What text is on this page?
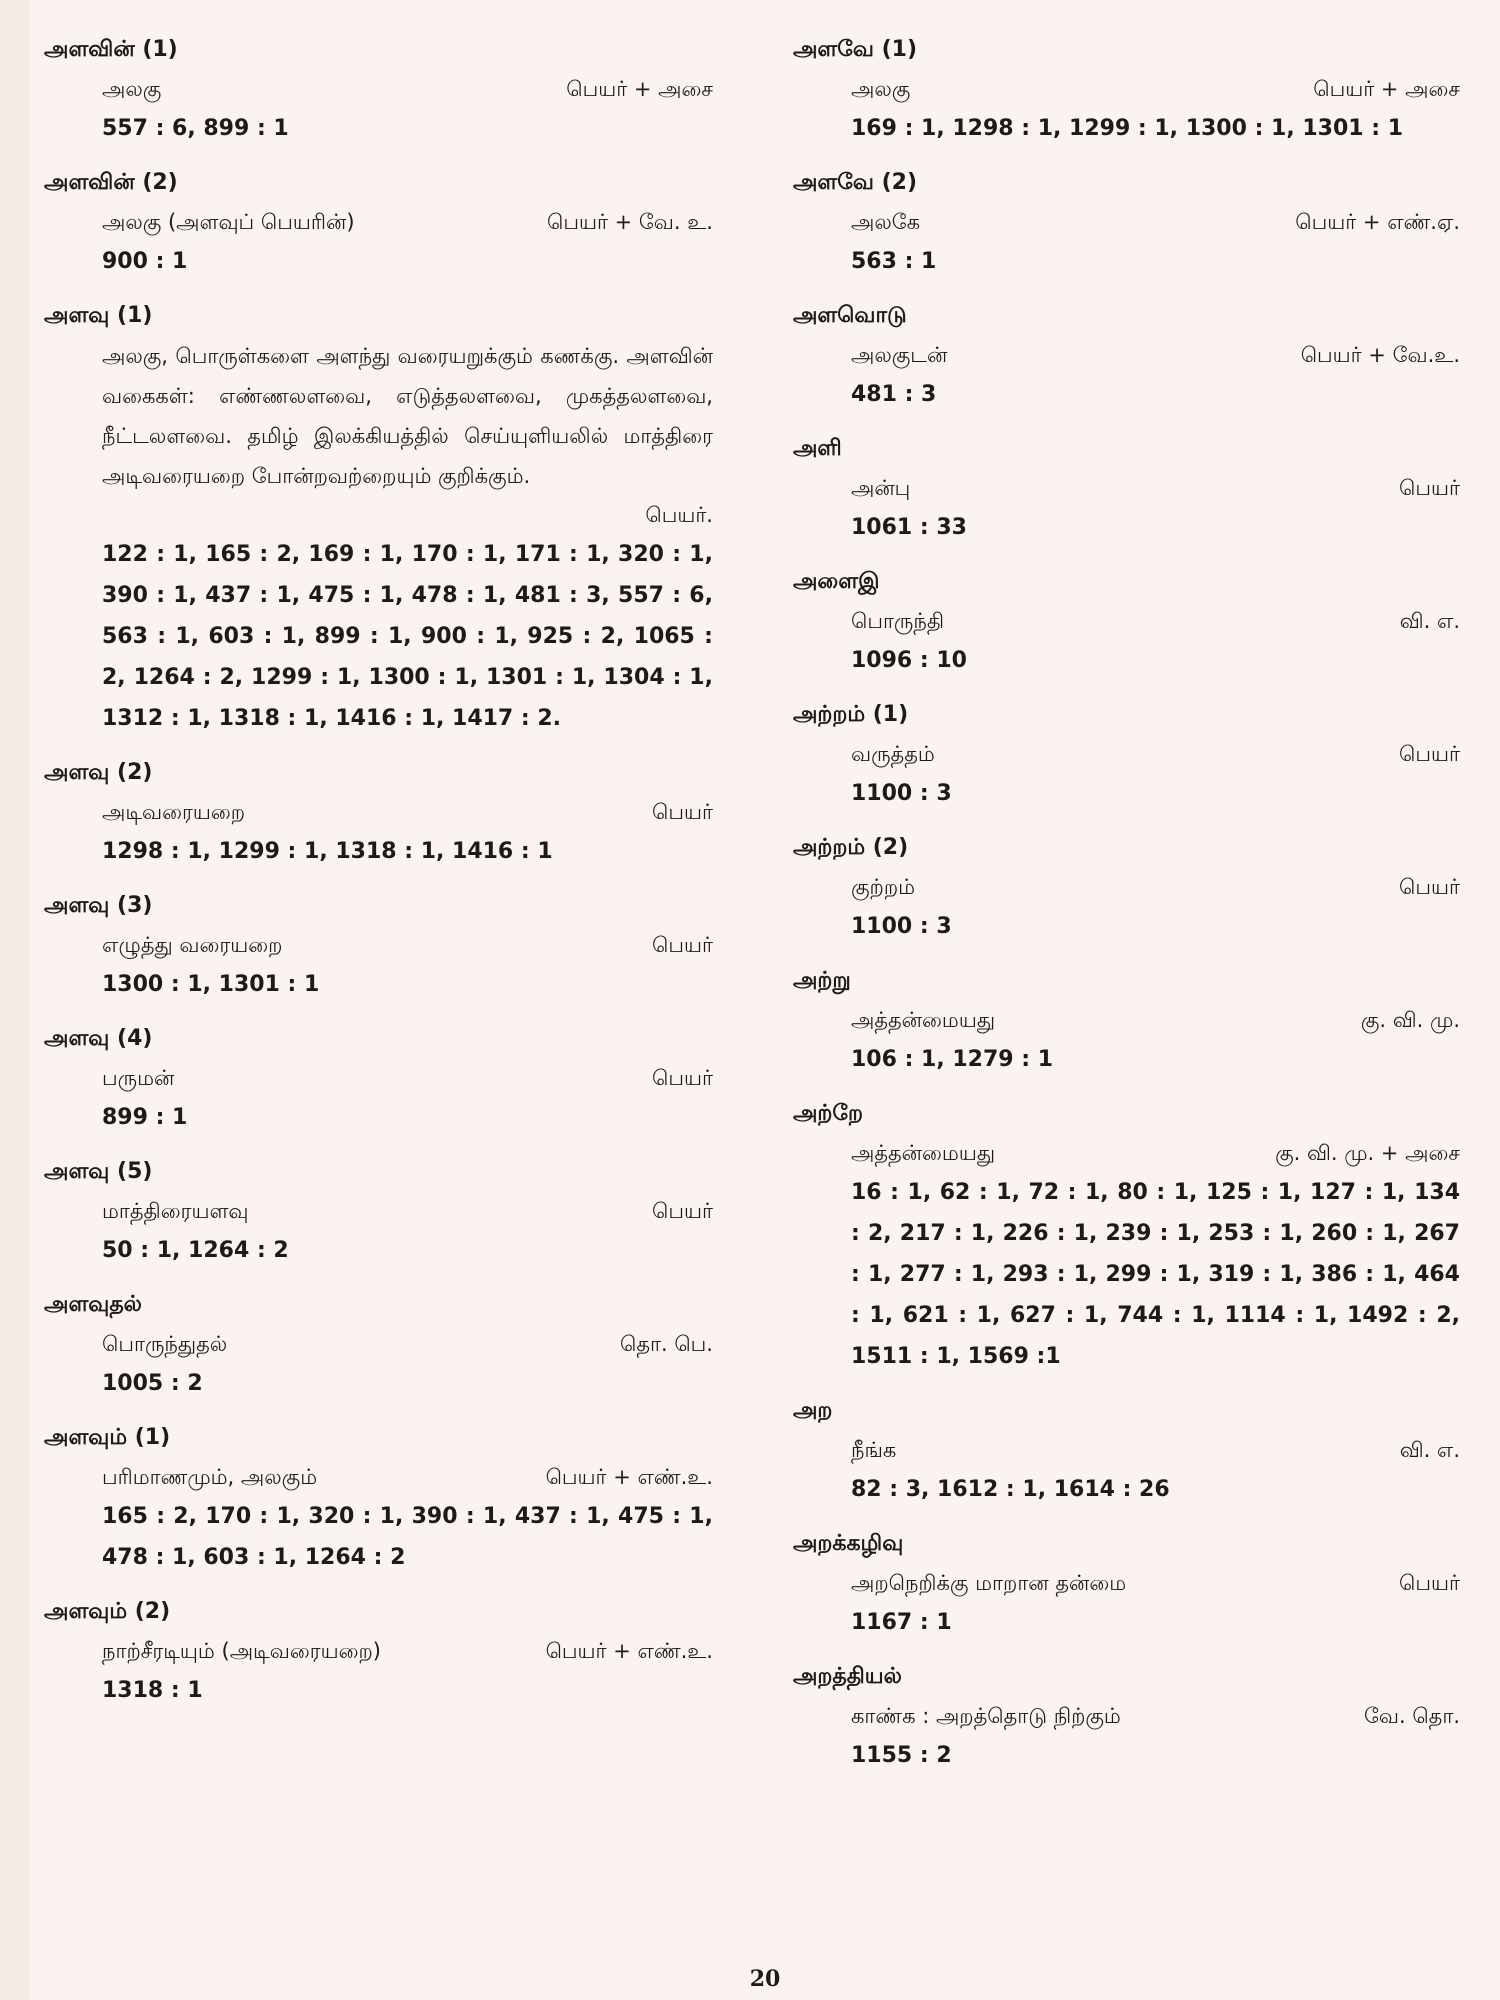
அளவின் (1)
அலகு	பெயர் + அசை
557 : 6, 899 : 1
அளவின் (2)
அலகு (அளவுப் பெயரின்)	பெயர் + வே. உ.
900 : 1
அளவு (1)
அலகு, பொருள்களை அளந்து வரையறுக்கும் கணக்கு. அளவின் வகைகள்: எண்ணலளவை, எடுத்தலளவை, முகத்தலளவை, நீட்டலளவை. தமிழ் இலக்கியத்தில் செய்யுளியலில் மாத்திரை அடிவரையறை போன்றவற்றையும் குறிக்கும்.
பெயர்.
122 : 1, 165 : 2, 169 : 1, 170 : 1, 171 : 1, 320 : 1, 390 : 1, 437 : 1, 475 : 1, 478 : 1, 481 : 3, 557 : 6, 563 : 1, 603 : 1, 899 : 1, 900 : 1, 925 : 2, 1065 : 2, 1264 : 2, 1299 : 1, 1300 : 1, 1301 : 1, 1304 : 1, 1312 : 1, 1318 : 1, 1416 : 1, 1417 : 2.
அளவு (2)
அடிவரையறை	பெயர்
1298 : 1, 1299 : 1, 1318 : 1, 1416 : 1
அளவு (3)
எழுத்து வரையறை	பெயர்
1300 : 1, 1301 : 1
அளவு (4)
பருமன்	பெயர்
899 : 1
அளவு (5)
மாத்திரையளவு	பெயர்
50 : 1, 1264 : 2
அளவுதல்
பொருந்துதல்	தொ. பெ.
1005 : 2
அளவும் (1)
பரிமாணமும், அலகும்	பெயர் + எண்.உ.
165 : 2, 170 : 1, 320 : 1, 390 : 1, 437 : 1, 475 : 1, 478 : 1, 603 : 1, 1264 : 2
அளவும் (2)
நாற்சீரடியும் (அடிவரையறை)	பெயர் + எண்.உ.
1318 : 1
அளவே (1)
அலகு	பெயர் + அசை
169 : 1, 1298 : 1, 1299 : 1, 1300 : 1, 1301 : 1
அளவே (2)
அலகே	பெயர் + எண்.ஏ.
563 : 1
அளவொடு
அலகுடன்	பெயர் + வே.உ.
481 : 3
அளி
அன்பு	பெயர்
1061 : 33
அளைஇ
பொருந்தி	வி. எ.
1096 : 10
அற்றம் (1)
வருத்தம்	பெயர்
1100 : 3
அற்றம் (2)
குற்றம்	பெயர்
1100 : 3
அற்று
அத்தன்மையது	கு. வி. மு.
106 : 1, 1279 : 1
அற்றே
அத்தன்மையது	கு. வி. மு. + அசை
16 : 1, 62 : 1, 72 : 1, 80 : 1, 125 : 1, 127 : 1, 134 : 2, 217 : 1, 226 : 1, 239 : 1, 253 : 1, 260 : 1, 267 : 1, 277 : 1, 293 : 1, 299 : 1, 319 : 1, 386 : 1, 464 : 1, 621 : 1, 627 : 1, 744 : 1, 1114 : 1, 1492 : 2, 1511 : 1, 1569 :1
அற
நீங்க	வி. எ.
82 : 3, 1612 : 1, 1614 : 26
அறக்கழிவு
அறநெறிக்கு மாறான தன்மை	பெயர்
1167 : 1
அறத்தியல்
காண்க : அறத்தொடு நிற்கும்	வே. தொ.
1155 : 2
20
